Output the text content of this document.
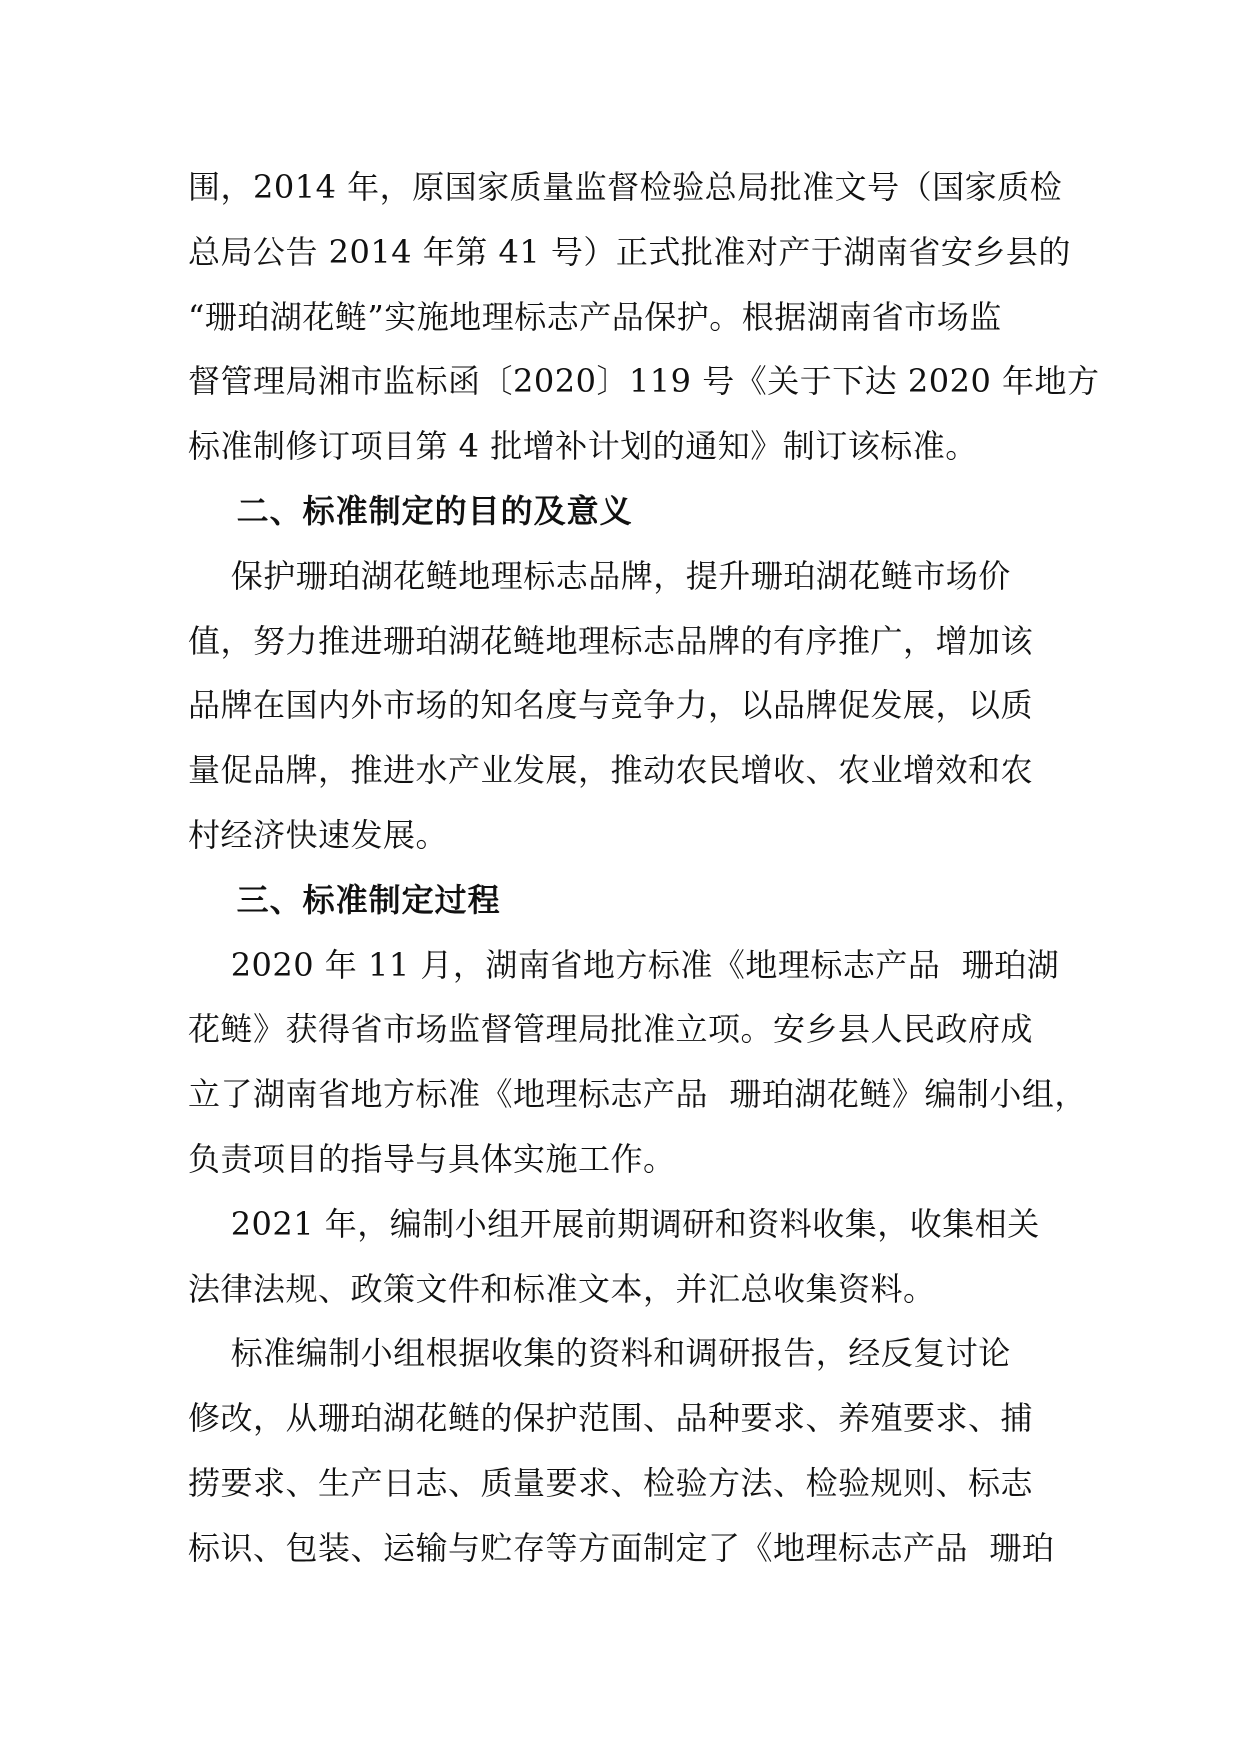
围，2014 年，原国家质量监督检验总局批准文号（国家质检
总局公告 2014 年第 41 号）正式批准对产于湖南省安乡县的
“珊珀湖花鲢”实施地理标志产品保护。根据湖南省市场监
督管理局湘市监标函〔2020〕119 号《关于下达 2020 年地方
标准制修订项目第 4 批增补计划的通知》制订该标准。
二、标准制定的目的及意义
保护珊珀湖花鲢地理标志品牌，提升珊珀湖花鲢市场价
值，努力推进珊珀湖花鲢地理标志品牌的有序推广，增加该
品牌在国内外市场的知名度与竞争力，以品牌促发展，以质
量促品牌，推进水产业发展，推动农民增收、农业增效和农
村经济快速发展。
三、标准制定过程
2020 年 11 月，湖南省地方标准《地理标志产品  珊珀湖
花鲢》获得省市场监督管理局批准立项。安乡县人民政府成
立了湖南省地方标准《地理标志产品  珊珀湖花鲢》编制小组，
负责项目的指导与具体实施工作。
2021 年，编制小组开展前期调研和资料收集，收集相关
法律法规、政策文件和标准文本，并汇总收集资料。
标准编制小组根据收集的资料和调研报告，经反复讨论
修改，从珊珀湖花鲢的保护范围、品种要求、养殖要求、捕
捞要求、生产日志、质量要求、检验方法、检验规则、标志
标识、包装、运输与贮存等方面制定了《地理标志产品  珊珀
